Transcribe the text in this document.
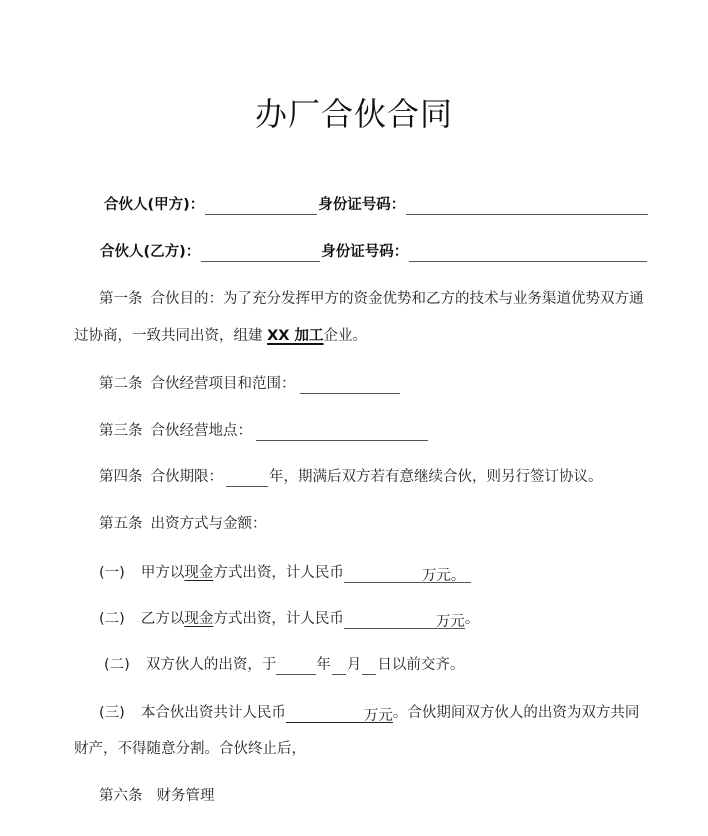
办厂合伙合同
合伙人(甲方)：	身份证号码：
合伙人(乙方)：	身份证号码：
第一条 合伙目的：为了充分发挥甲方的资金优势和乙方的技术与业务渠道优势双方通
过协商，一致共同出资，组建 XX 加工企业。
第二条 合伙经营项目和范围：
第三条 合伙经营地点：
第四条 合伙期限：	年，期满后双方若有意继续合伙，则另行签订协议。
第五条 出资方式与金额：
(一) 甲方以现金方式出资，计人民币	万元。
(二) 乙方以现金方式出资，计人民币	万元。
(二) 双方伙人的出资，于	年 月 日以前交齐。
(三) 本合伙出资共计人民币	万元。合伙期间双方伙人的出资为双方共同
财产，不得随意分割。合伙终止后，
第六条 财务管理
